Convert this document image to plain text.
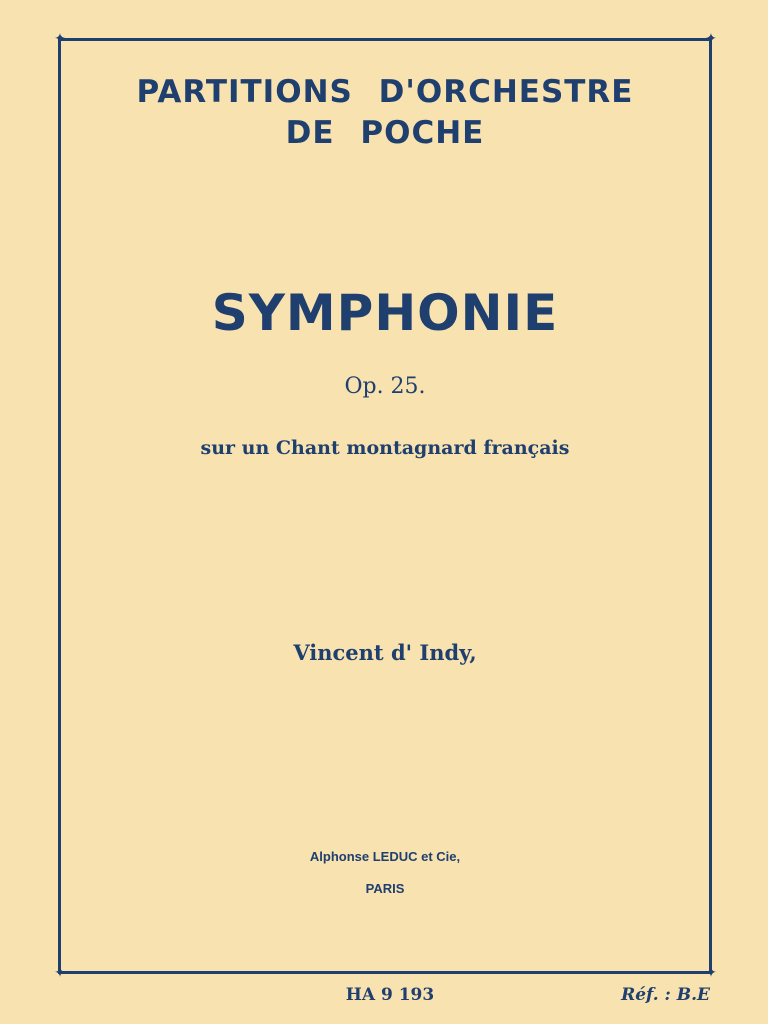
✦	✦
✦	✦
PARTITIONS D'ORCHESTRE
DE POCHE
SYMPHONIE
Op. 25.
sur un Chant montagnard français
Vincent d' Indy,
Alphonse LEDUC et Cie,
PARIS
HA 9 193	Réf. : B.E
